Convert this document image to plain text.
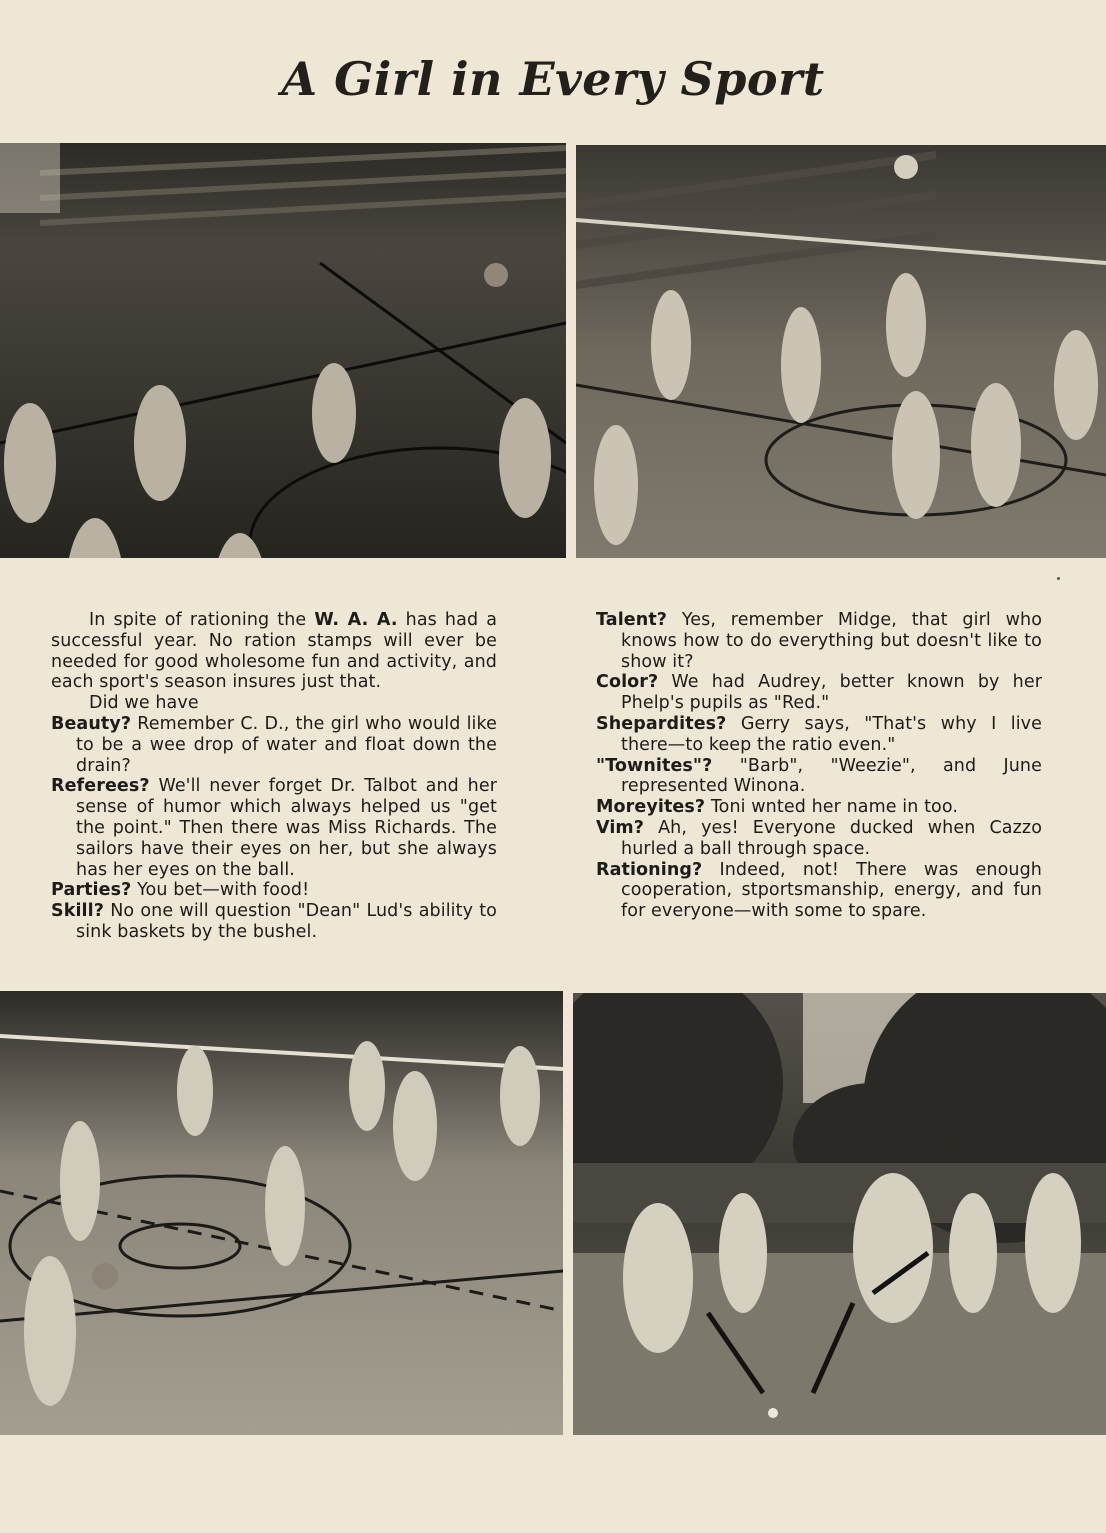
A Girl in Every Sport

In spite of rationing the W. A. A. has had a successful year. No ration stamps will ever be needed for good wholesome fun and activity, and each sport's season insures just that.

Did we have

Beauty? Remember C. D., the girl who would like to be a wee drop of water and float down the drain?

Referees? We'll never forget Dr. Talbot and her sense of humor which always helped us "get the point." Then there was Miss Richards. The sailors have their eyes on her, but she always has her eyes on the ball.

Parties? You bet—with food!

Skill? No one will question "Dean" Lud's ability to sink baskets by the bushel.

Talent? Yes, remember Midge, that girl who knows how to do everything but doesn't like to show it?

Color? We had Audrey, better known by her Phelp's pupils as "Red."

Shepardites? Gerry says, "That's why I live there—to keep the ratio even."

"Townites"? "Barb", "Weezie", and June represented Winona.

Moreyites? Toni wnted her name in too.

Vim? Ah, yes! Everyone ducked when Cazzo hurled a ball through space.

Rationing? Indeed, not! There was enough cooperation, stportsmanship, energy, and fun for everyone—with some to spare.
